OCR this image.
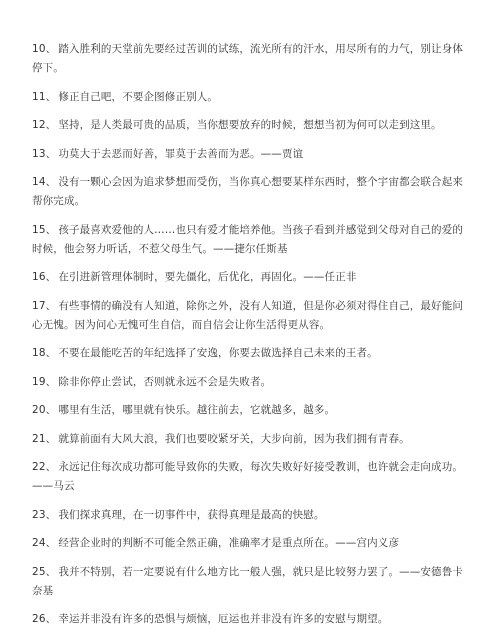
10、 踏入胜利的天堂前先要经过苦训的试练，流光所有的汗水，用尽所有的力气，别让身体停下。
11、 修正自己吧，不要企图修正别人。
12、 坚持，是人类最可贵的品质，当你想要放弃的时候，想想当初为何可以走到这里。
13、 功莫大于去恶而好善，罪莫于去善而为恶。——贾谊
14、 没有一颗心会因为追求梦想而受伤，当你真心想要某样东西时，整个宇宙都会联合起来帮你完成。
15、 孩子最喜欢爱他的人……也只有爱才能培养他。当孩子看到并感觉到父母对自己的爱的时候，他会努力听话，不惹父母生气。——捷尔任斯基
16、 在引进新管理体制时，要先僵化，后优化，再固化。——任正非
17、 有些事情的确没有人知道，除你之外，没有人知道，但是你必须对得住自己，最好能问心无愧。因为问心无愧可生自信，而自信会让你生活得更从容。
18、 不要在最能吃苦的年纪选择了安逸，你要去做选择自己未来的王者。
19、 除非你停止尝试，否则就永远不会是失败者。
20、 哪里有生活，哪里就有快乐。越往前去，它就越多，越多。
21、 就算前面有大风大浪，我们也要咬紧牙关，大步向前，因为我们拥有青春。
22、 永远记住每次成功都可能导致你的失败，每次失败好好接受教训，也许就会走向成功。——马云
23、 我们探求真理，在一切事件中，获得真理是最高的快慰。
24、 经营企业时的判断不可能全然正确，准确率才是重点所在。——宫内义彦
25、 我并不特别，若一定要说有什么地方比一般人强，就只是比较努力罢了。——安德鲁卡奈基
26、 幸运并非没有许多的恐惧与烦恼，厄运也并非没有许多的安慰与期望。
